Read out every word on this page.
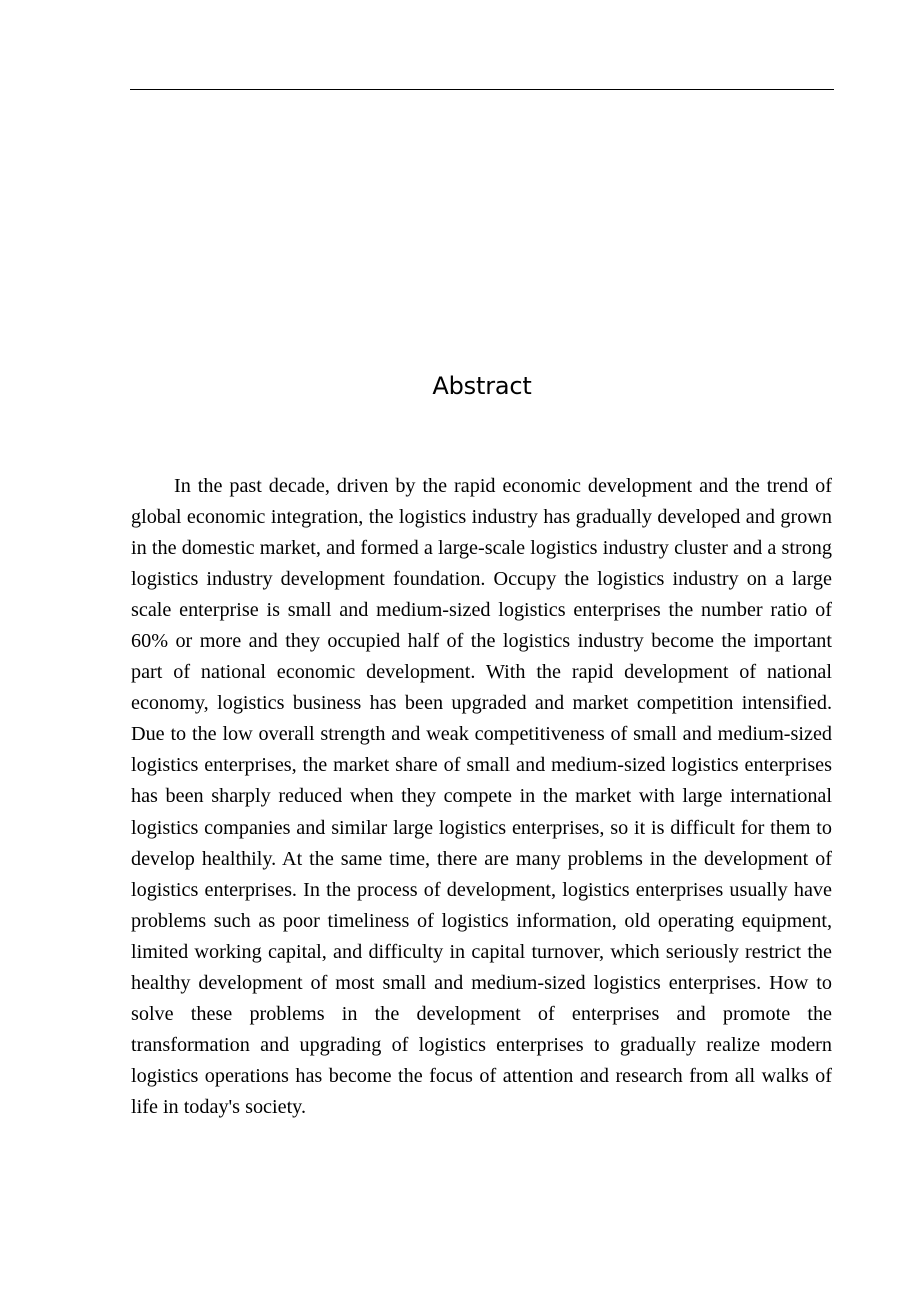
Abstract

In the past decade, driven by the rapid economic development and the trend of global economic integration, the logistics industry has gradually developed and grown in the domestic market, and formed a large-scale logistics industry cluster and a strong logistics industry development foundation. Occupy the logistics industry on a large scale enterprise is small and medium-sized logistics enterprises the number ratio of 60% or more and they occupied half of the logistics industry become the important part of national economic development. With the rapid development of national economy, logistics business has been upgraded and market competition intensified. Due to the low overall strength and weak competitiveness of small and medium-sized logistics enterprises, the market share of small and medium-sized logistics enterprises has been sharply reduced when they compete in the market with large international logistics companies and similar large logistics enterprises, so it is difficult for them to develop healthily. At the same time, there are many problems in the development of logistics enterprises. In the process of development, logistics enterprises usually have problems such as poor timeliness of logistics information, old operating equipment, limited working capital, and difficulty in capital turnover, which seriously restrict the healthy development of most small and medium-sized logistics enterprises. How to solve these problems in the development of enterprises and promote the transformation and upgrading of logistics enterprises to gradually realize modern logistics operations has become the focus of attention and research from all walks of life in today's society.
